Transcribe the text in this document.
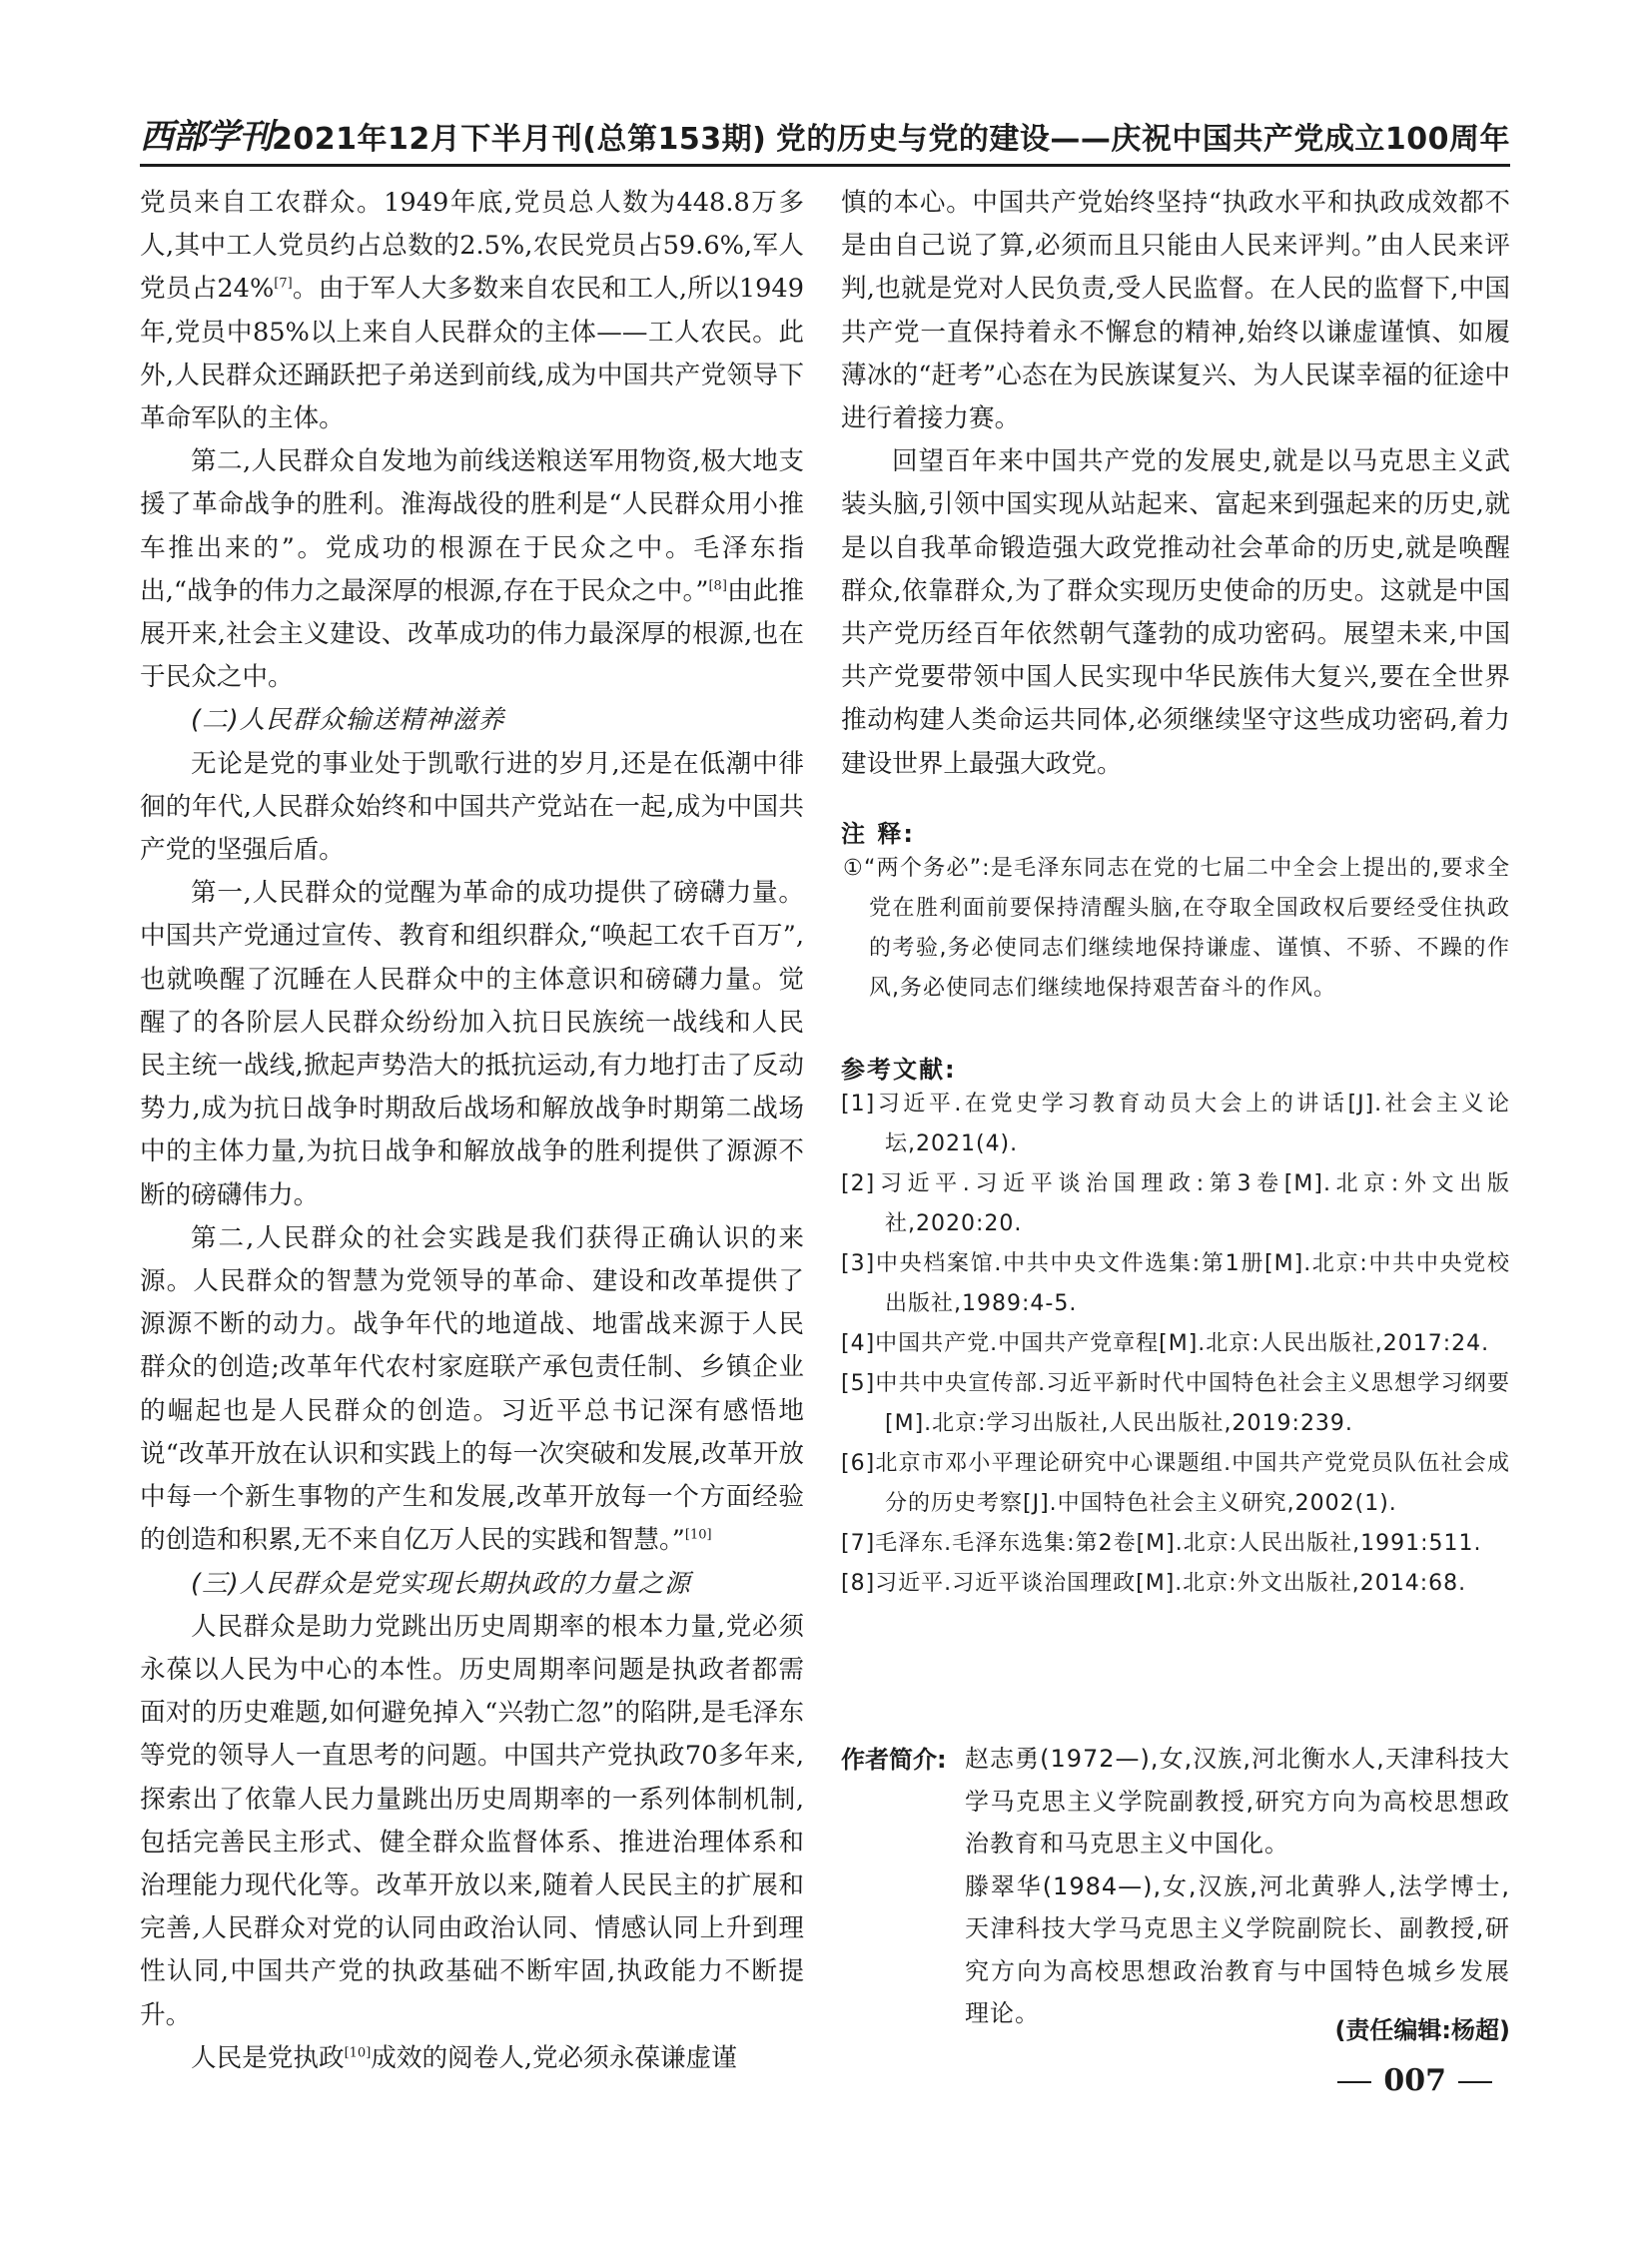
西部学刊2021年12月下半月刊(总第153期) 党的历史与党的建设——庆祝中国共产党成立100周年

党员来自工农群众。1949年底,党员总人数为448.8万多人,其中工人党员约占总数的2.5%,农民党员占59.6%,军人党员占24%[7]。由于军人大多数来自农民和工人,所以1949年,党员中85%以上来自人民群众的主体——工人农民。此外,人民群众还踊跃把子弟送到前线,成为中国共产党领导下革命军队的主体。

第二,人民群众自发地为前线送粮送军用物资,极大地支援了革命战争的胜利。淮海战役的胜利是“人民群众用小推车推出来的”。党成功的根源在于民众之中。毛泽东指出,“战争的伟力之最深厚的根源,存在于民众之中。”[8]由此推展开来,社会主义建设、改革成功的伟力最深厚的根源,也在于民众之中。

(二)人民群众输送精神滋养

无论是党的事业处于凯歌行进的岁月,还是在低潮中徘徊的年代,人民群众始终和中国共产党站在一起,成为中国共产党的坚强后盾。

第一,人民群众的觉醒为革命的成功提供了磅礴力量。中国共产党通过宣传、教育和组织群众,“唤起工农千百万”,也就唤醒了沉睡在人民群众中的主体意识和磅礴力量。觉醒了的各阶层人民群众纷纷加入抗日民族统一战线和人民民主统一战线,掀起声势浩大的抵抗运动,有力地打击了反动势力,成为抗日战争时期敌后战场和解放战争时期第二战场中的主体力量,为抗日战争和解放战争的胜利提供了源源不断的磅礴伟力。

第二,人民群众的社会实践是我们获得正确认识的来源。人民群众的智慧为党领导的革命、建设和改革提供了源源不断的动力。战争年代的地道战、地雷战来源于人民群众的创造;改革年代农村家庭联产承包责任制、乡镇企业的崛起也是人民群众的创造。习近平总书记深有感悟地说“改革开放在认识和实践上的每一次突破和发展,改革开放中每一个新生事物的产生和发展,改革开放每一个方面经验的创造和积累,无不来自亿万人民的实践和智慧。”[10]

(三)人民群众是党实现长期执政的力量之源

人民群众是助力党跳出历史周期率的根本力量,党必须永葆以人民为中心的本性。历史周期率问题是执政者都需面对的历史难题,如何避免掉入“兴勃亡忽”的陷阱,是毛泽东等党的领导人一直思考的问题。中国共产党执政70多年来,探索出了依靠人民力量跳出历史周期率的一系列体制机制,包括完善民主形式、健全群众监督体系、推进治理体系和治理能力现代化等。改革开放以来,随着人民民主的扩展和完善,人民群众对党的认同由政治认同、情感认同上升到理性认同,中国共产党的执政基础不断牢固,执政能力不断提升。

人民是党执政[10]成效的阅卷人,党必须永葆谦虚谨

慎的本心。中国共产党始终坚持“执政水平和执政成效都不是由自己说了算,必须而且只能由人民来评判。”由人民来评判,也就是党对人民负责,受人民监督。在人民的监督下,中国共产党一直保持着永不懈怠的精神,始终以谦虚谨慎、如履薄冰的“赶考”心态在为民族谋复兴、为人民谋幸福的征途中进行着接力赛。

回望百年来中国共产党的发展史,就是以马克思主义武装头脑,引领中国实现从站起来、富起来到强起来的历史,就是以自我革命锻造强大政党推动社会革命的历史,就是唤醒群众,依靠群众,为了群众实现历史使命的历史。这就是中国共产党历经百年依然朝气蓬勃的成功密码。展望未来,中国共产党要带领中国人民实现中华民族伟大复兴,要在全世界推动构建人类命运共同体,必须继续坚守这些成功密码,着力建设世界上最强大政党。

注 释:

①“两个务必”:是毛泽东同志在党的七届二中全会上提出的,要求全党在胜利面前要保持清醒头脑,在夺取全国政权后要经受住执政的考验,务必使同志们继续地保持谦虚、谨慎、不骄、不躁的作风,务必使同志们继续地保持艰苦奋斗的作风。

参考文献:

[1]习近平.在党史学习教育动员大会上的讲话[J].社会主义论坛,2021(4).

[2]习近平.习近平谈治国理政:第3卷[M].北京:外文出版社,2020:20.

[3]中央档案馆.中共中央文件选集:第1册[M].北京:中共中央党校出版社,1989:4-5.

[4]中国共产党.中国共产党章程[M].北京:人民出版社,2017:24.

[5]中共中央宣传部.习近平新时代中国特色社会主义思想学习纲要[M].北京:学习出版社,人民出版社,2019:239.

[6]北京市邓小平理论研究中心课题组.中国共产党党员队伍社会成分的历史考察[J].中国特色社会主义研究,2002(1).

[7]毛泽东.毛泽东选集:第2卷[M].北京:人民出版社,1991:511.

[8]习近平.习近平谈治国理政[M].北京:外文出版社,2014:68.

作者简介: 赵志勇(1972—),女,汉族,河北衡水人,天津科技大学马克思主义学院副教授,研究方向为高校思想政治教育和马克思主义中国化。

滕翠华(1984—),女,汉族,河北黄骅人,法学博士,天津科技大学马克思主义学院副院长、副教授,研究方向为高校思想政治教育与中国特色城乡发展理论。

(责任编辑:杨超)
007
